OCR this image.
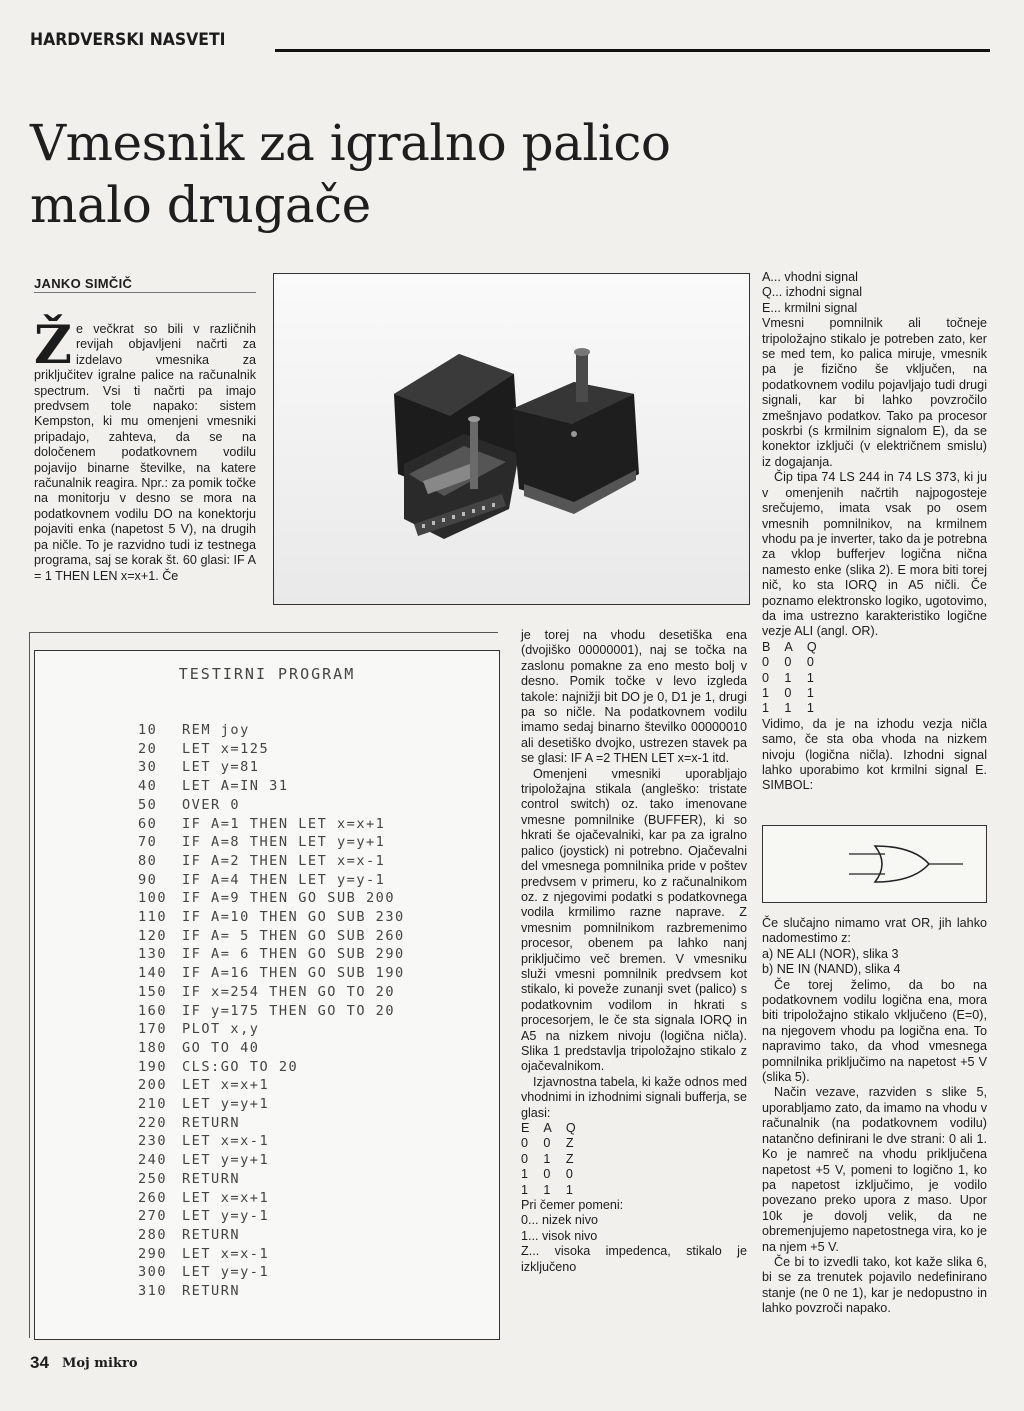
HARDVERSKI NASVETI
Vmesnik za igralno palico
malo drugače
JANKO SIMČIČ
Ž e večkrat so bili v različnih revijah objavljeni načrti za izdelavo vmesnika za priključitev igralne palice na računalnik spectrum. Vsi ti načrti pa imajo predvsem tole napako: sistem Kempston, ki mu omenjeni vmesniki pripadajo, zahteva, da se na določenem podatkovnem vodilu pojavijo binarne številke, na katere računalnik reagira. Npr.: za pomik točke na monitorju v desno se mora na podatkovnem vodilu DO na konektorju pojaviti enka (napetost 5 V), na drugih pa ničle. To je razvidno tudi iz testnega programa, saj se korak št. 60 glasi: IF A = 1 THEN LEN x=x+1. Če

A... vhodni signal

Q... izhodni signal

E... krmilni signal

Vmesni pomnilnik ali točneje tripoložajno stikalo je potreben zato, ker se med tem, ko palica miruje, vmesnik pa je fizično še vključen, na podatkovnem vodilu pojavljajo tudi drugi signali, kar bi lahko povzročilo zmešnjavo podatkov. Tako pa procesor poskrbi (s krmilnim signalom E), da se konektor izključi (v električnem smislu) iz dogajanja.

Čip tipa 74 LS 244 in 74 LS 373, ki ju v omenjenih načrtih najpogosteje srečujemo, imata vsak po osem vmesnih pomnilnikov, na krmilnem vhodu pa je inverter, tako da je potrebna za vklop bufferjev logična nična namesto enke (slika 2). E mora biti torej nič, ko sta IORQ in A5 ničli. Če poznamo elektronsko logiko, ugotovimo, da ima ustrezno karakteristiko logične vezje ALI (angl. OR).

B	A	Q
0	0	0
0	1	1
1	0	1
1	1	1

Vidimo, da je na izhodu vezja ničla samo, če sta oba vhoda na nizkem nivoju (logična ničla). Izhodni signal lahko uporabimo kot krmilni signal E. SIMBOL:

je torej na vhodu desetiška ena (dvojiško 00000001), naj se točka na zaslonu pomakne za eno mesto bolj v desno. Pomik točke v levo izgleda takole: najnižji bit DO je 0, D1 je 1, drugi pa so ničle. Na podatkovnem vodilu imamo sedaj binarno številko 00000010 ali desetiško dvojko, ustrezen stavek pa se glasi: IF A =2 THEN LET x=x-1 itd.

Omenjeni vmesniki uporabljajo tripoložajna stikala (angleško: tristate control switch) oz. tako imenovane vmesne pomnilnike (BUFFER), ki so hkrati še ojačevalniki, kar pa za igralno palico (joystick) ni potrebno. Ojačevalni del vmesnega pomnilnika pride v poštev predvsem v primeru, ko z računalnikom oz. z njegovimi podatki s podatkovnega vodila krmilimo razne naprave. Z vmesnim pomnilnikom razbremenimo procesor, obenem pa lahko nanj priključimo več bremen. V vmesniku služi vmesni pomnilnik predvsem kot stikalo, ki poveže zunanji svet (palico) s podatkovnim vodilom in hkrati s procesorjem, le če sta signala IORQ in A5 na nizkem nivoju (logična ničla). Slika 1 predstavlja tripoložajno stikalo z ojačevalnikom.

Izjavnostna tabela, ki kaže odnos med vhodnimi in izhodnimi signali bufferja, se glasi:

E	A	Q
0	0	Z
0	1	Z
1	0	0
1	1	1

Pri čemer pomeni:

0... nizek nivo

1... visok nivo

Z... visoka impedenca, stikalo je izključeno

Če slučajno nimamo vrat OR, jih lahko nadomestimo z:

a) NE ALI (NOR), slika 3

b) NE IN (NAND), slika 4

Če torej želimo, da bo na podatkovnem vodilu logična ena, mora biti tripoložajno stikalo vključeno (E=0), na njegovem vhodu pa logična ena. To napravimo tako, da vhod vmesnega pomnilnika priključimo na napetost +5 V (slika 5).

Način vezave, razviden s slike 5, uporabljamo zato, da imamo na vhodu v računalnik (na podatkovnem vodilu) natančno definirani le dve strani: 0 ali 1. Ko je namreč na vhodu priključena napetost +5 V, pomeni to logično 1, ko pa napetost izključimo, je vodilo povezano preko upora z maso. Upor 10k je dovolj velik, da ne obremenjujemo napetostnega vira, ko je na njem +5 V.

Če bi to izvedli tako, kot kaže slika 6, bi se za trenutek pojavilo nedefinirano stanje (ne 0 ne 1), kar je nedopustno in lahko povzroči napako.

TESTIRNI PROGRAM
10 REM joy
20 LET x=125
30 LET y=81
40 LET A=IN 31
50 OVER 0
60 IF A=1 THEN LET x=x+1
70 IF A=8 THEN LET y=y+1
80 IF A=2 THEN LET x=x-1
90 IF A=4 THEN LET y=y-1
100 IF A=9 THEN GO SUB 200
110 IF A=10 THEN GO SUB 230
120 IF A= 5 THEN GO SUB 260
130 IF A= 6 THEN GO SUB 290
140 IF A=16 THEN GO SUB 190
150 IF x=254 THEN GO TO 20
160 IF y=175 THEN GO TO 20
170 PLOT x,y
180 GO TO 40
190 CLS:GO TO 20
200 LET x=x+1
210 LET y=y+1
220 RETURN
230 LET x=x-1
240 LET y=y+1
250 RETURN
260 LET x=x+1
270 LET y=y-1
280 RETURN
290 LET x=x-1
300 LET y=y-1
310 RETURN
34 Moj mikro
